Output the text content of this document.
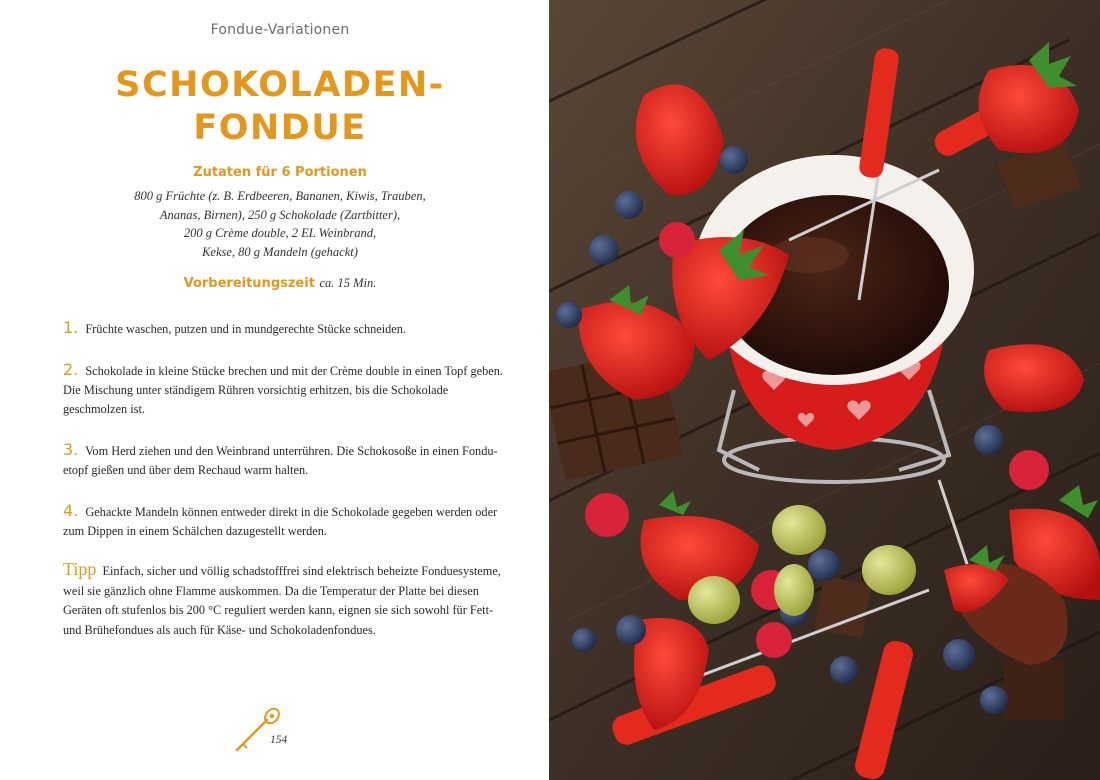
Fondue-Variationen
SCHOKOLADEN-
FONDUE
Zutaten für 6 Portionen
800 g Früchte (z. B. Erdbeeren, Bananen, Kiwis, Trauben,
Ananas, Birnen), 250 g Schokolade (Zartbitter),
200 g Crème double, 2 EL Weinbrand,
Kekse, 80 g Mandeln (gehackt)
Vorbereitungszeit ca. 15 Min.
1. Früchte waschen, putzen und in mundgerechte Stücke schneiden.
2. Schokolade in kleine Stücke brechen und mit der Crème double in einen Topf geben. Die Mischung unter ständigem Rühren vorsichtig erhitzen, bis die Schokolade geschmolzen ist.
3. Vom Herd ziehen und den Weinbrand unterrühren. Die Schokosoße in einen Fonduetopf gießen und über dem Rechaud warm halten.
4. Gehackte Mandeln können entweder direkt in die Schokolade gegeben werden oder zum Dippen in einem Schälchen dazugestellt werden.
Tipp Einfach, sicher und völlig schadstofffrei sind elektrisch beheizte Fonduesysteme, weil sie gänzlich ohne Flamme auskommen. Da die Temperatur der Platte bei diesen Geräten oft stufenlos bis 200 °C reguliert werden kann, eignen sie sich sowohl für Fett- und Brühefondues als auch für Käse- und Schokoladenfondues.
154
